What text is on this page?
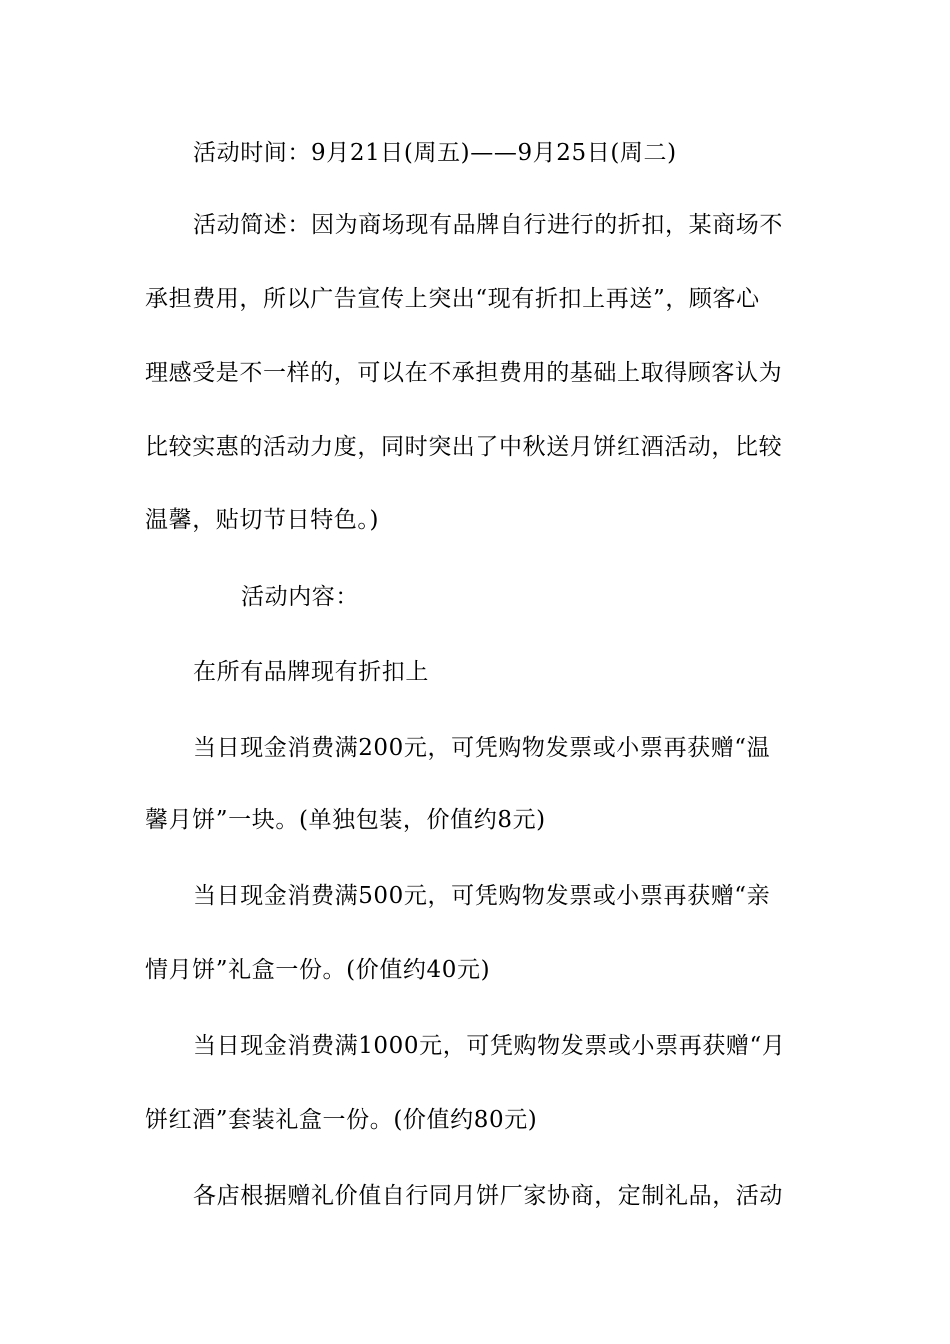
活动时间：9月21日(周五)——9月25日(周二)
活动简述：因为商场现有品牌自行进行的折扣，某商场不
承担费用，所以广告宣传上突出“现有折扣上再送”，顾客心
理感受是不一样的，可以在不承担费用的基础上取得顾客认为
比较实惠的活动力度，同时突出了中秋送月饼红酒活动，比较
温馨，贴切节日特色。)
活动内容：
在所有品牌现有折扣上
当日现金消费满200元，可凭购物发票或小票再获赠“温
馨月饼”一块。(单独包装，价值约8元)
当日现金消费满500元，可凭购物发票或小票再获赠“亲
情月饼”礼盒一份。(价值约40元)
当日现金消费满1000元，可凭购物发票或小票再获赠“月
饼红酒”套装礼盒一份。(价值约80元)
各店根据赠礼价值自行同月饼厂家协商，定制礼品，活动
